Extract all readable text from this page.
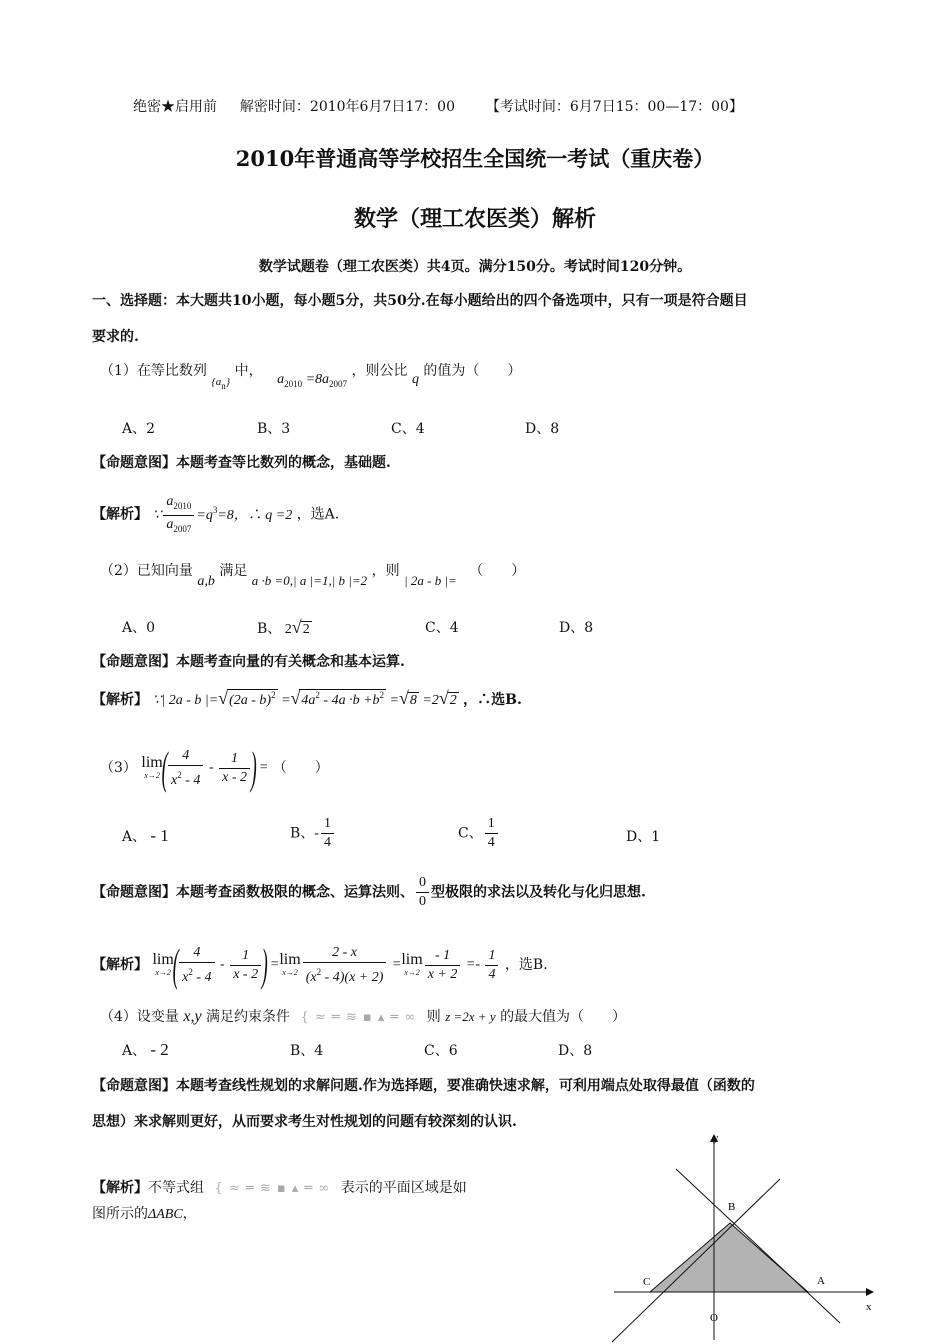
绝密★启用前 解密时间：2010年6月7日17：00 【考试时间：6月7日15：00—17：00】
2010年普通高等学校招生全国统一考试（重庆卷）
数学（理工农医类）解析
数学试题卷（理工农医类）共4页。满分150分。考试时间120分钟。
一、选择题：本大题共10小题，每小题5分，共50分.在每小题给出的四个备选项中，只有一项是符合题目
要求的.
（1）在等比数列 $_{\{a_n\}}$ 中， $a_{2010} =8a_{2007}$ ，则公比 q 的值为（　　）
A、2	B、3	C、4	D、8
【命题意图】本题考查等比数列的概念，基础题.
【解析】 ∵ $\frac{a_{2010}}{a_{2007}} =q^3=8$，∴ q =2 ，选A.
（2）已知向量 a,b 满足 a ·b =0,| a |=1,| b |=2 ，则 | 2a - b |= （　　）
A、0	B、 2√2	C、4	D、8
【命题意图】本题考查向量的有关概念和基本运算.
【解析】 ∵| 2a - b $|=√(2a - b)^2 =√4a^2 - 4a \cdot b +b^2 =√8 =2√2$ ，∴选B.
（3） lim
x→2 ( $\frac{4}{x^2 - 4} - \frac{1}{x - 2}$ ) = （　　）
A、 - 1	B、- $\frac{1}{4}$	C、 $\frac{1}{4}$	D、1
【命题意图】本题考查函数极限的概念、运算法则、 $\frac{0}{0}$ 型极限的求法以及转化与化归思想.
【解析】 lim
x→2 ( $\frac{4}{x^2 - 4} - \frac{1}{x - 2}$ ) = lim
$x\to 2 \frac{2 - x}{(x^2 - 4)(x + 2)} = \lim$
$x\to 2 \frac{- 1}{x + 2} =- \frac{1}{4}$ ，选B.
（4）设变量 x,y 满足约束条件 { ≈ ═ ≋ ▪ ▴ ═ ∞ 则 z =2x + y 的最大值为（　　）
A、 - 2	B、4	C、6	D、8
【命题意图】本题考查线性规划的求解问题.作为选择题，要准确快速求解，可利用端点处取得最值（函数的
思想）来求解则更好，从而要求考生对性规划的问题有较深刻的认识.
【解析】不等式组 { ≈ ═ ≋ ▪ ▴ ═ ∞ 表示的平面区域是如
图所示的ΔABC，
y
x
B
C	A
O
